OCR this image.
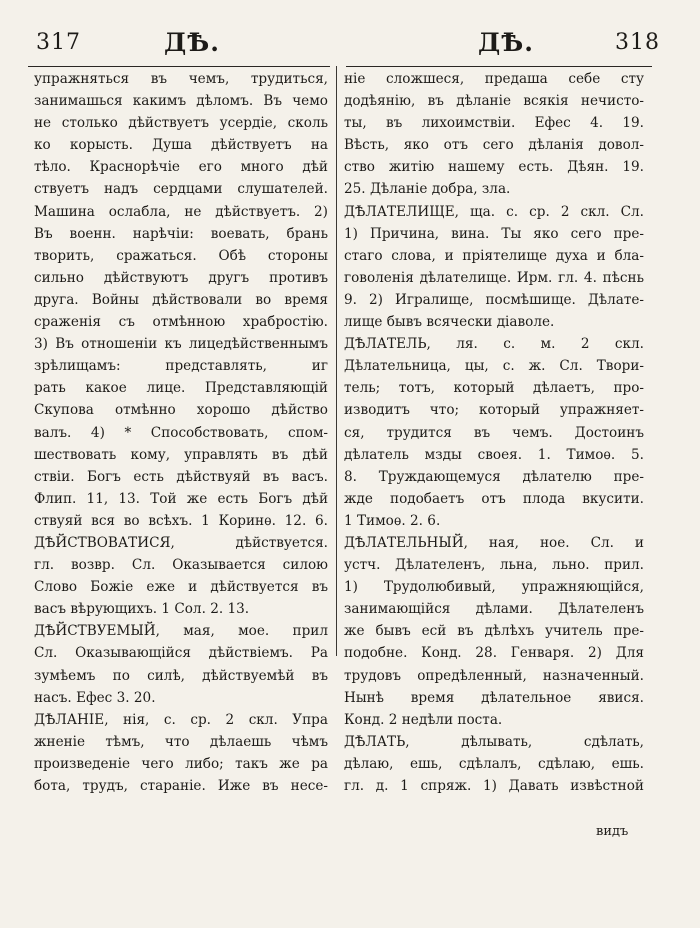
317	ДѢ.	ДѢ.	318
упражняться въ чемъ, трудиться,
занимашься какимъ дѣломъ. Въ чемо
не столько дѣйствуетъ усердіе, сколь
ко корысть. Душа дѣйствуетъ на
тѣло. Краснорѣчіе его много дѣй
ствуетъ надъ сердцами слушателей.
Машина ослабла, не дѣйствуетъ. 2)
Въ военн. нарѣчіи: воевать, брань
творить, сражаться. Обѣ стороны
сильно дѣйствуютъ другъ противъ
друга. Войны дѣйствовали во время
сраженія съ отмѣнною храбростію.
3) Въ отношеніи къ лицедѣйственнымъ зрѣлищамъ: представлять, иг
рать какое лице. Представляющій
Скупова отмѣнно хорошо дѣйство
валъ. 4) * Способствовать, спом-
шествовать кому, управлять въ дѣй
ствіи. Богъ есть дѣйствуяй въ васъ.
Флип. 11, 13. Той же есть Богъ дѣй
ствуяй вся во всѣхъ. 1 Коринѳ. 12. 6.
ДѢЙСТВОВАТИСЯ, дѣйствуется.
гл. возвр. Сл. Оказывается силою
Слово Божіе еже и дѣйствуется въ
васъ вѣрующихъ. 1 Сол. 2. 13.
ДѢЙСТВУЕМЫЙ, мая, мое. прил
Сл. Оказывающійся дѣйствіемъ. Ра
зумѣемъ по силѣ, дѣйствуемѣй въ
насъ. Ефес 3. 20.
ДѢЛАНІЕ, нія, с. ср. 2 скл. Упра
жненіе тѣмъ, что дѣлаешь чѣмъ
произведеніе чего либо; такъ же ра
бота, трудъ, старанiе. Иже въ несе-
ніе сложшеся, предаша себе сту
додѣянію, въ дѣланіе всякія нечисто-
ты, въ лихоимствіи. Ефес 4. 19.
Вѣсть, яко отъ сего дѣланія довол-
ство житію нашему есть. Дѣян. 19.
25. Дѣланіе добра, зла.
ДѢЛАТЕЛИЩЕ, ща. с. ср. 2 скл. Сл.
1) Причина, вина. Ты яко сего пре-
стаго слова, и пріятелище духа и бла-
говоленія дѣлателище. Ирм. гл. 4. пѣснь
9. 2) Игралище, посмѣшище. Дѣлате-
лище бывъ всячески дiаволе.
ДѢЛАТЕЛЬ, ля. с. м. 2 скл.
Дѣлательница, цы, с. ж. Сл. Твори-
тель; тотъ, который дѣлаетъ, про-
изводитъ что; который упражняет-
ся, трудится въ чемъ. Достоинъ
дѣлатель мзды своея. 1. Тимоѳ. 5.
8. Труждающемуся дѣлателю пре-
жде подобаетъ отъ плода вкусити.
1 Тимоѳ. 2. 6.
ДѢЛАТЕЛЬНЫЙ, ная, ное. Сл. и
устч. Дѣлателенъ, льна, льно. прил.
1) Трудолюбивый, упражняющійся,
занимающійся дѣлами. Дѣлателенъ
же бывъ есй въ дѣлѣхъ учитель пре-
подобне. Конд. 28. Генваря. 2) Для
трудовъ опредѣленный, назначенный.
Нынѣ время дѣлательное явися.
Конд. 2 недѣли поста.
ДѢЛАТЬ, дѣлывать, сдѣлать,
дѣлаю, ешь, сдѣлалъ, сдѣлаю, ешь.
гл. д. 1 спряж. 1) Давать извѣстной
видъ
